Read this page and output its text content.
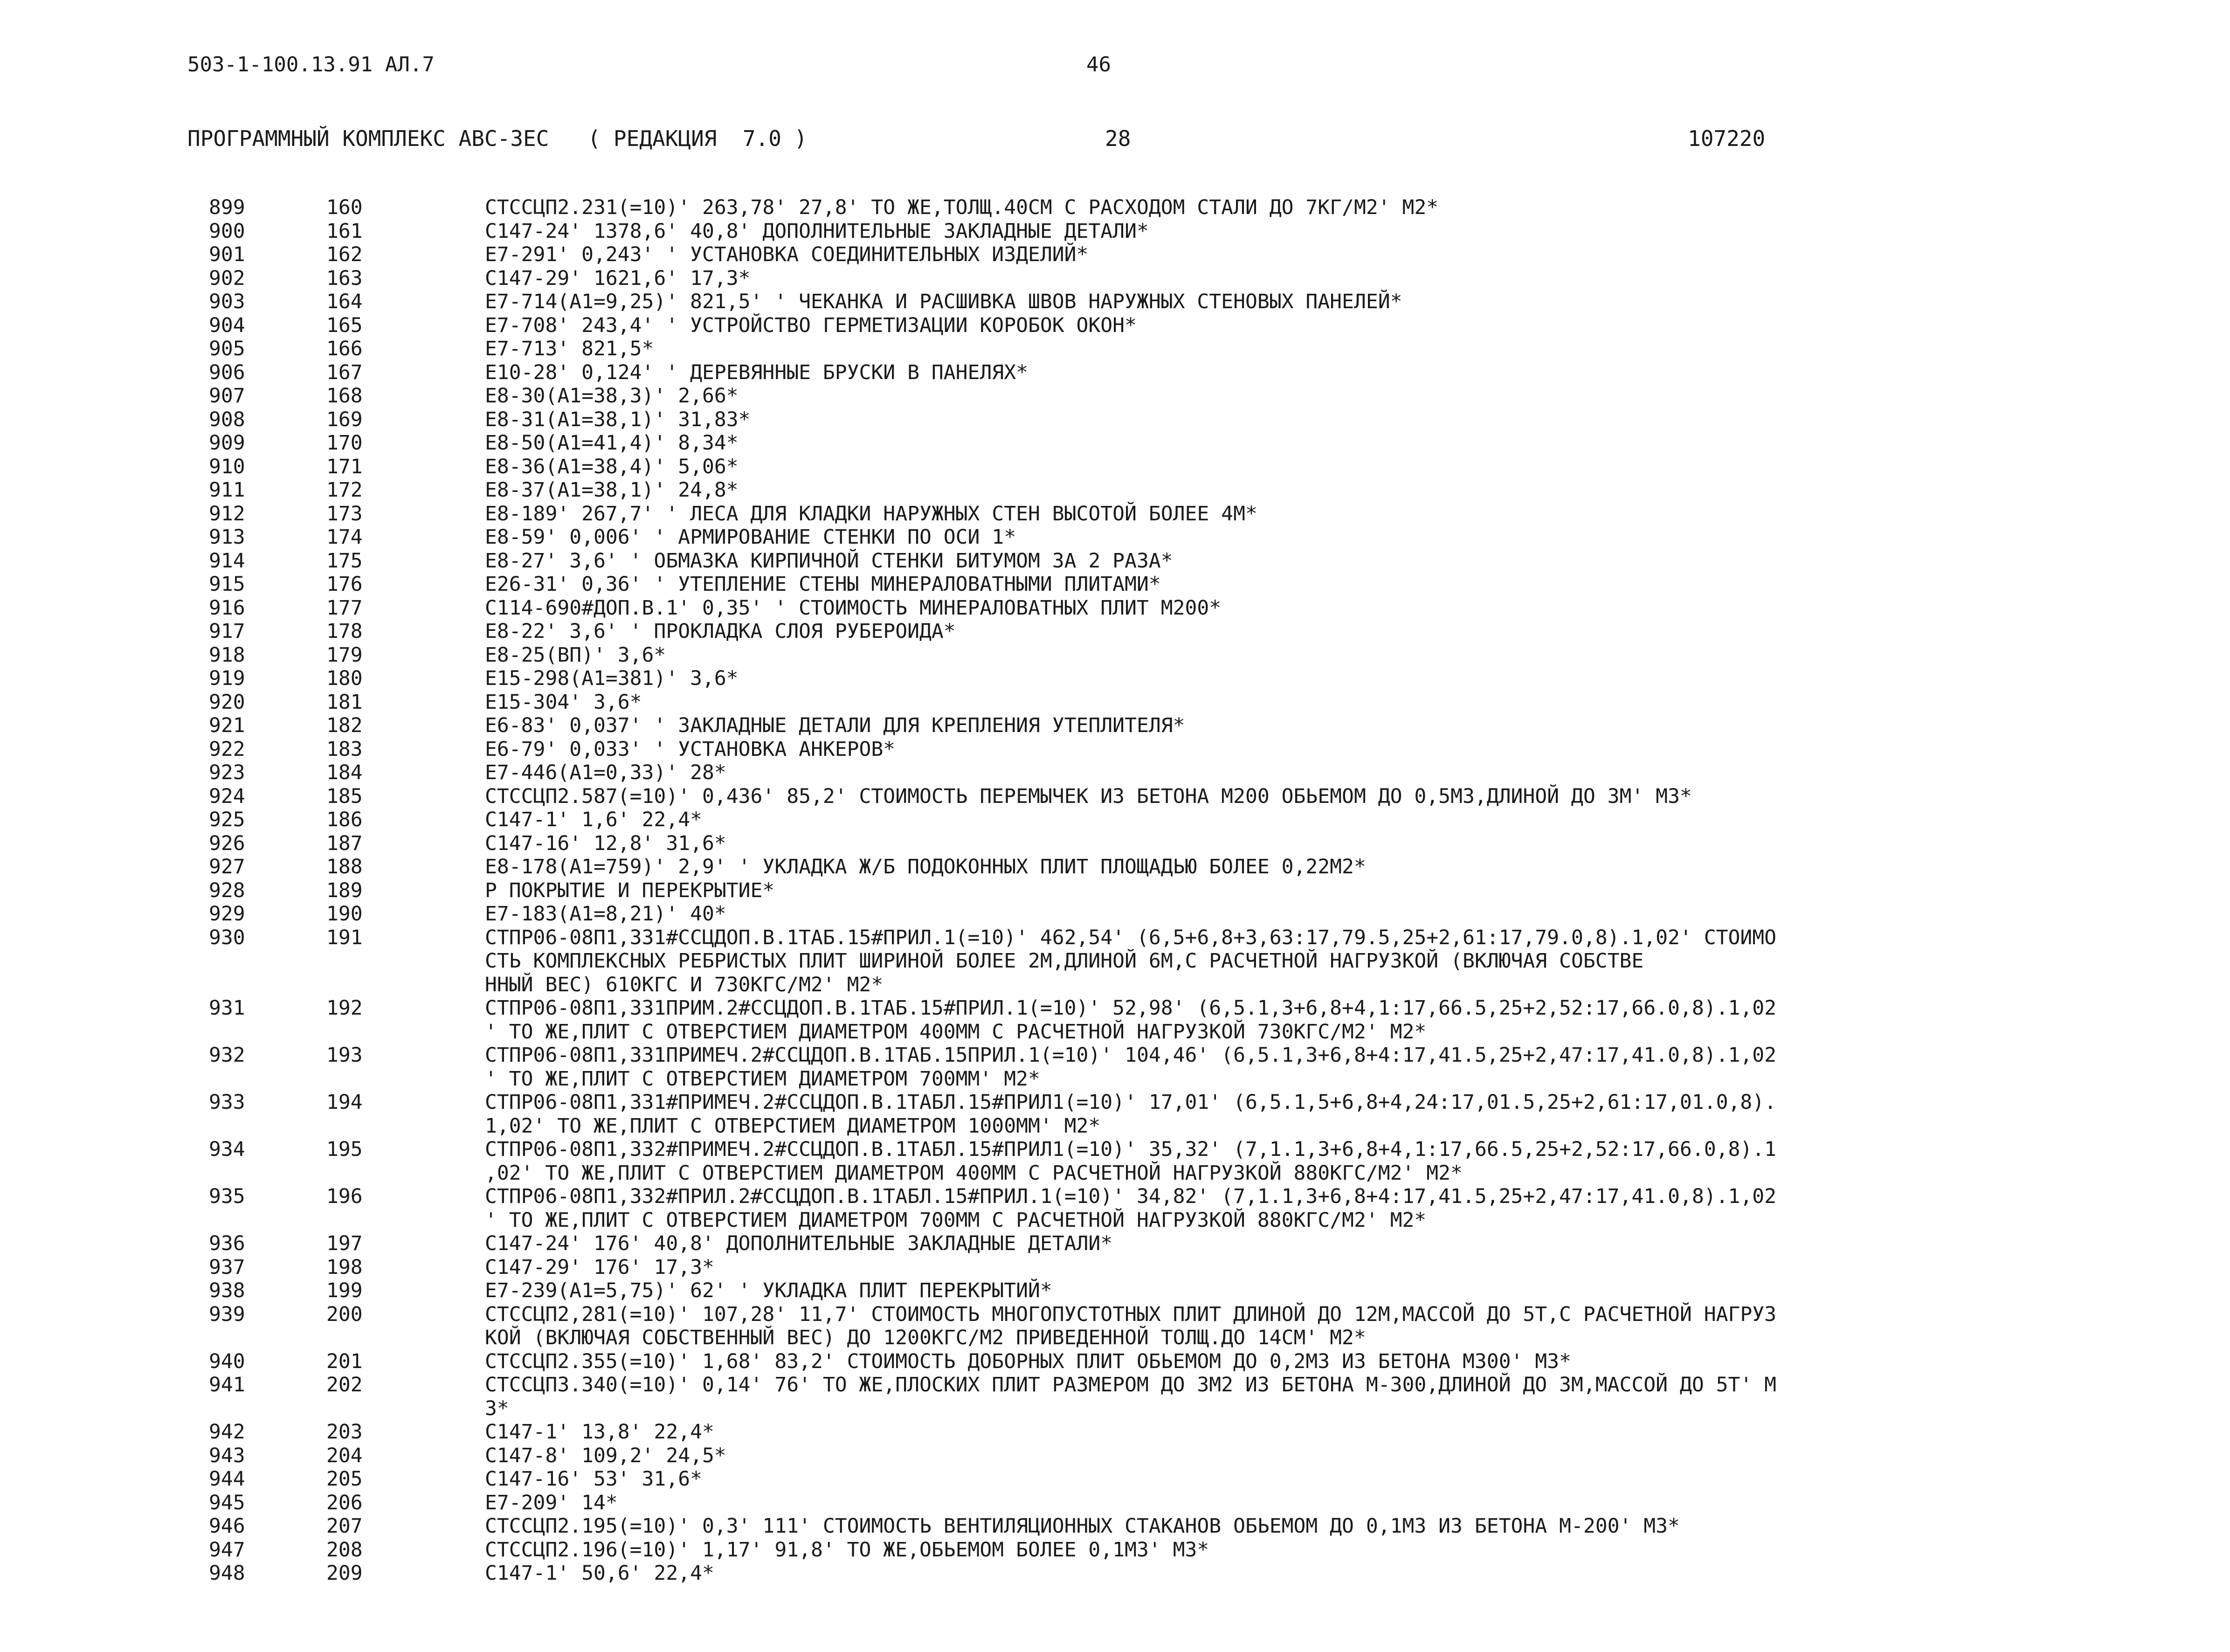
503-1-100.13.91 АЛ.7	46
ПРОГРАММНЫЙ КОМПЛЕКС АВС-3ЕС   ( РЕДАКЦИЯ  7.0 )	28	107220
899	160	СТССЦП2.231(=10)' 263,78' 27,8' ТО ЖЕ,ТОЛЩ.40СМ С РАСХОДОМ СТАЛИ ДО 7КГ/М2' М2*
900	161	С147-24' 1378,6' 40,8' ДОПОЛНИТЕЛЬНЫЕ ЗАКЛАДНЫЕ ДЕТАЛИ*
901	162	Е7-291' 0,243' ' УСТАНОВКА СОЕДИНИТЕЛЬНЫХ ИЗДЕЛИЙ*
902	163	С147-29' 1621,6' 17,3*
903	164	Е7-714(А1=9,25)' 821,5' ' ЧЕКАНКА И РАСШИВКА ШВОВ НАРУЖНЫХ СТЕНОВЫХ ПАНЕЛЕЙ*
904	165	Е7-708' 243,4' ' УСТРОЙСТВО ГЕРМЕТИЗАЦИИ КОРОБОК ОКОН*
905	166	Е7-713' 821,5*
906	167	Е10-28' 0,124' ' ДЕРЕВЯННЫЕ БРУСКИ В ПАНЕЛЯХ*
907	168	Е8-30(А1=38,3)' 2,66*
908	169	Е8-31(А1=38,1)' 31,83*
909	170	Е8-50(А1=41,4)' 8,34*
910	171	Е8-36(А1=38,4)' 5,06*
911	172	Е8-37(А1=38,1)' 24,8*
912	173	Е8-189' 267,7' ' ЛЕСА ДЛЯ КЛАДКИ НАРУЖНЫХ СТЕН ВЫСОТОЙ БОЛЕЕ 4М*
913	174	Е8-59' 0,006' ' АРМИРОВАНИЕ СТЕНКИ ПО ОСИ 1*
914	175	Е8-27' 3,6' ' ОБМАЗКА КИРПИЧНОЙ СТЕНКИ БИТУМОМ ЗА 2 РАЗА*
915	176	Е26-31' 0,36' ' УТЕПЛЕНИЕ СТЕНЫ МИНЕРАЛОВАТНЫМИ ПЛИТАМИ*
916	177	С114-690#ДОП.В.1' 0,35' ' СТОИМОСТЬ МИНЕРАЛОВАТНЫХ ПЛИТ М200*
917	178	Е8-22' 3,6' ' ПРОКЛАДКА СЛОЯ РУБЕРОИДА*
918	179	Е8-25(ВП)' 3,6*
919	180	Е15-298(А1=381)' 3,6*
920	181	Е15-304' 3,6*
921	182	Е6-83' 0,037' ' ЗАКЛАДНЫЕ ДЕТАЛИ ДЛЯ КРЕПЛЕНИЯ УТЕПЛИТЕЛЯ*
922	183	Е6-79' 0,033' ' УСТАНОВКА АНКЕРОВ*
923	184	Е7-446(А1=0,33)' 28*
924	185	СТССЦП2.587(=10)' 0,436' 85,2' СТОИМОСТЬ ПЕРЕМЫЧЕК ИЗ БЕТОНА М200 ОБЬЕМОМ ДО 0,5М3,ДЛИНОЙ ДО 3М' М3*
925	186	С147-1' 1,6' 22,4*
926	187	С147-16' 12,8' 31,6*
927	188	Е8-178(А1=759)' 2,9' ' УКЛАДКА Ж/Б ПОДОКОННЫХ ПЛИТ ПЛОЩАДЬЮ БОЛЕЕ 0,22М2*
928	189	Р ПОКРЫТИЕ И ПЕРЕКРЫТИЕ*
929	190	Е7-183(А1=8,21)' 40*
930	191	СТПР06-08П1,331#ССЦДОП.В.1ТАБ.15#ПРИЛ.1(=10)' 462,54' (6,5+6,8+3,63:17,79.5,25+2,61:17,79.0,8).1,02' СТОИМО
СТЬ КОМПЛЕКСНЫХ РЕБРИСТЫХ ПЛИТ ШИРИНОЙ БОЛЕЕ 2М,ДЛИНОЙ 6М,С РАСЧЕТНОЙ НАГРУЗКОЙ (ВКЛЮЧАЯ СОБСТВЕ
ННЫЙ ВЕС) 610КГС И 730КГС/М2' М2*
931	192	СТПР06-08П1,331ПРИМ.2#ССЦДОП.В.1ТАБ.15#ПРИЛ.1(=10)' 52,98' (6,5.1,3+6,8+4,1:17,66.5,25+2,52:17,66.0,8).1,02
' ТО ЖЕ,ПЛИТ С ОТВЕРСТИЕМ ДИАМЕТРОМ 400ММ С РАСЧЕТНОЙ НАГРУЗКОЙ 730КГС/М2' М2*
932	193	СТПР06-08П1,331ПРИМЕЧ.2#ССЦДОП.В.1ТАБ.15ПРИЛ.1(=10)' 104,46' (6,5.1,3+6,8+4:17,41.5,25+2,47:17,41.0,8).1,02
' ТО ЖЕ,ПЛИТ С ОТВЕРСТИЕМ ДИАМЕТРОМ 700ММ' М2*
933	194	СТПР06-08П1,331#ПРИМЕЧ.2#ССЦДОП.В.1ТАБЛ.15#ПРИЛ1(=10)' 17,01' (6,5.1,5+6,8+4,24:17,01.5,25+2,61:17,01.0,8).
1,02' ТО ЖЕ,ПЛИТ С ОТВЕРСТИЕМ ДИАМЕТРОМ 1000ММ' М2*
934	195	СТПР06-08П1,332#ПРИМЕЧ.2#ССЦДОП.В.1ТАБЛ.15#ПРИЛ1(=10)' 35,32' (7,1.1,3+6,8+4,1:17,66.5,25+2,52:17,66.0,8).1
,02' ТО ЖЕ,ПЛИТ С ОТВЕРСТИЕМ ДИАМЕТРОМ 400ММ С РАСЧЕТНОЙ НАГРУЗКОЙ 880КГС/М2' М2*
935	196	СТПР06-08П1,332#ПРИЛ.2#ССЦДОП.В.1ТАБЛ.15#ПРИЛ.1(=10)' 34,82' (7,1.1,3+6,8+4:17,41.5,25+2,47:17,41.0,8).1,02
' ТО ЖЕ,ПЛИТ С ОТВЕРСТИЕМ ДИАМЕТРОМ 700ММ С РАСЧЕТНОЙ НАГРУЗКОЙ 880КГС/М2' М2*
936	197	С147-24' 176' 40,8' ДОПОЛНИТЕЛЬНЫЕ ЗАКЛАДНЫЕ ДЕТАЛИ*
937	198	С147-29' 176' 17,3*
938	199	Е7-239(А1=5,75)' 62' ' УКЛАДКА ПЛИТ ПЕРЕКРЫТИЙ*
939	200	СТССЦП2,281(=10)' 107,28' 11,7' СТОИМОСТЬ МНОГОПУСТОТНЫХ ПЛИТ ДЛИНОЙ ДО 12М,МАССОЙ ДО 5Т,С РАСЧЕТНОЙ НАГРУЗ
КОЙ (ВКЛЮЧАЯ СОБСТВЕННЫЙ ВЕС) ДО 1200КГС/М2 ПРИВЕДЕННОЙ ТОЛЩ.ДО 14СМ' М2*
940	201	СТССЦП2.355(=10)' 1,68' 83,2' СТОИМОСТЬ ДОБОРНЫХ ПЛИТ ОБЬЕМОМ ДО 0,2М3 ИЗ БЕТОНА М300' М3*
941	202	СТССЦП3.340(=10)' 0,14' 76' ТО ЖЕ,ПЛОСКИХ ПЛИТ РАЗМЕРОМ ДО 3М2 ИЗ БЕТОНА М-300,ДЛИНОЙ ДО 3М,МАССОЙ ДО 5Т' М
3*
942	203	С147-1' 13,8' 22,4*
943	204	С147-8' 109,2' 24,5*
944	205	С147-16' 53' 31,6*
945	206	Е7-209' 14*
946	207	СТССЦП2.195(=10)' 0,3' 111' СТОИМОСТЬ ВЕНТИЛЯЦИОННЫХ СТАКАНОВ ОБЬЕМОМ ДО 0,1М3 ИЗ БЕТОНА М-200' М3*
947	208	СТССЦП2.196(=10)' 1,17' 91,8' ТО ЖЕ,ОБЬЕМОМ БОЛЕЕ 0,1М3' М3*
948	209	С147-1' 50,6' 22,4*
